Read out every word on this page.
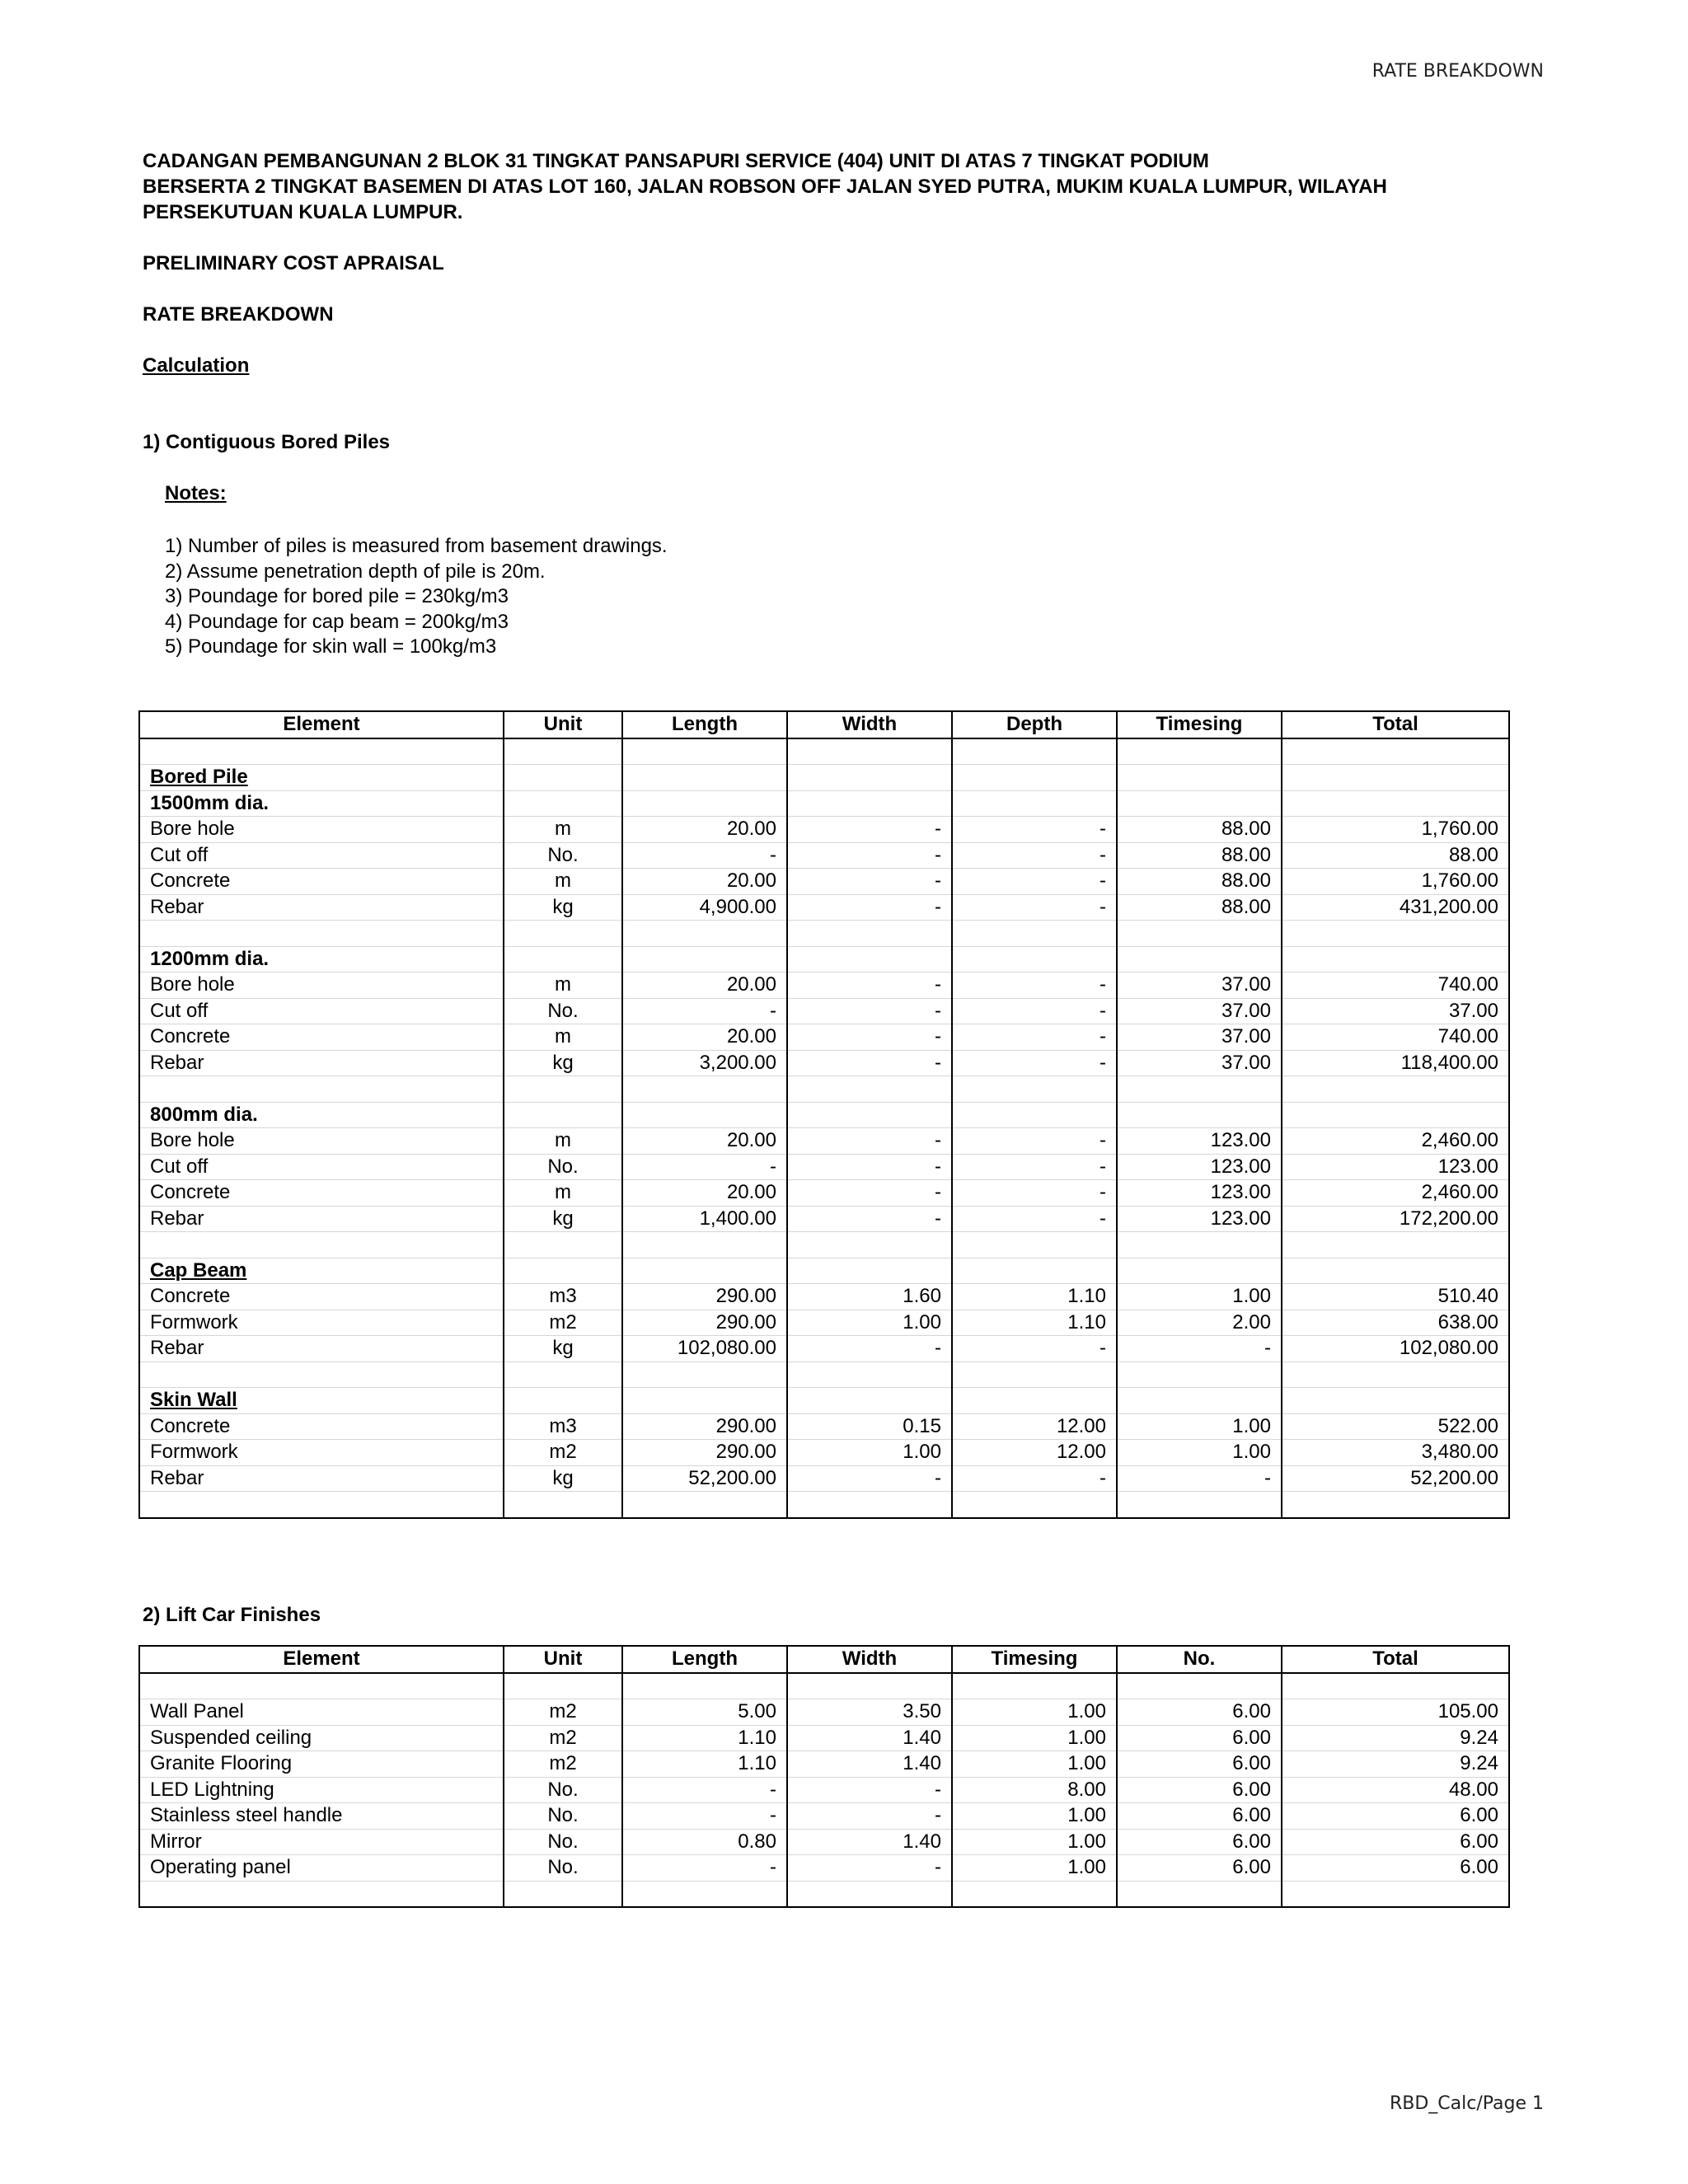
RATE BREAKDOWN
CADANGAN PEMBANGUNAN 2 BLOK 31 TINGKAT PANSAPURI SERVICE (404) UNIT DI ATAS 7 TINGKAT PODIUM
BERSERTA 2 TINGKAT BASEMEN DI ATAS LOT 160, JALAN ROBSON OFF JALAN SYED PUTRA, MUKIM KUALA LUMPUR, WILAYAH
PERSEKUTUAN KUALA LUMPUR.
PRELIMINARY COST APRAISAL
RATE BREAKDOWN
Calculation
1) Contiguous Bored Piles
Notes:
1) Number of piles is measured from basement drawings.
2) Assume penetration depth of pile is 20m.
3) Poundage for bored pile = 230kg/m3
4) Poundage for cap beam = 200kg/m3
5) Poundage for skin wall = 100kg/m3
Element	Unit	Length	Width	Depth	Timesing	Total

Bored Pile						
1500mm dia.						
Bore hole	m	20.00	-	-	88.00	1,760.00
Cut off	No.	-	-	-	88.00	88.00
Concrete	m	20.00	-	-	88.00	1,760.00
Rebar	kg	4,900.00	-	-	88.00	431,200.00

1200mm dia.						
Bore hole	m	20.00	-	-	37.00	740.00
Cut off	No.	-	-	-	37.00	37.00
Concrete	m	20.00	-	-	37.00	740.00
Rebar	kg	3,200.00	-	-	37.00	118,400.00

800mm dia.						
Bore hole	m	20.00	-	-	123.00	2,460.00
Cut off	No.	-	-	-	123.00	123.00
Concrete	m	20.00	-	-	123.00	2,460.00
Rebar	kg	1,400.00	-	-	123.00	172,200.00

Cap Beam						
Concrete	m3	290.00	1.60	1.10	1.00	510.40
Formwork	m2	290.00	1.00	1.10	2.00	638.00
Rebar	kg	102,080.00	-	-	-	102,080.00

Skin Wall						
Concrete	m3	290.00	0.15	12.00	1.00	522.00
Formwork	m2	290.00	1.00	12.00	1.00	3,480.00
Rebar	kg	52,200.00	-	-	-	52,200.00

2) Lift Car Finishes
Element	Unit	Length	Width	Timesing	No.	Total

Wall Panel	m2	5.00	3.50	1.00	6.00	105.00
Suspended ceiling	m2	1.10	1.40	1.00	6.00	9.24
Granite Flooring	m2	1.10	1.40	1.00	6.00	9.24
LED Lightning	No.	-	-	8.00	6.00	48.00
Stainless steel handle	No.	-	-	1.00	6.00	6.00
Mirror	No.	0.80	1.40	1.00	6.00	6.00
Operating panel	No.	-	-	1.00	6.00	6.00

RBD_Calc/Page 1
